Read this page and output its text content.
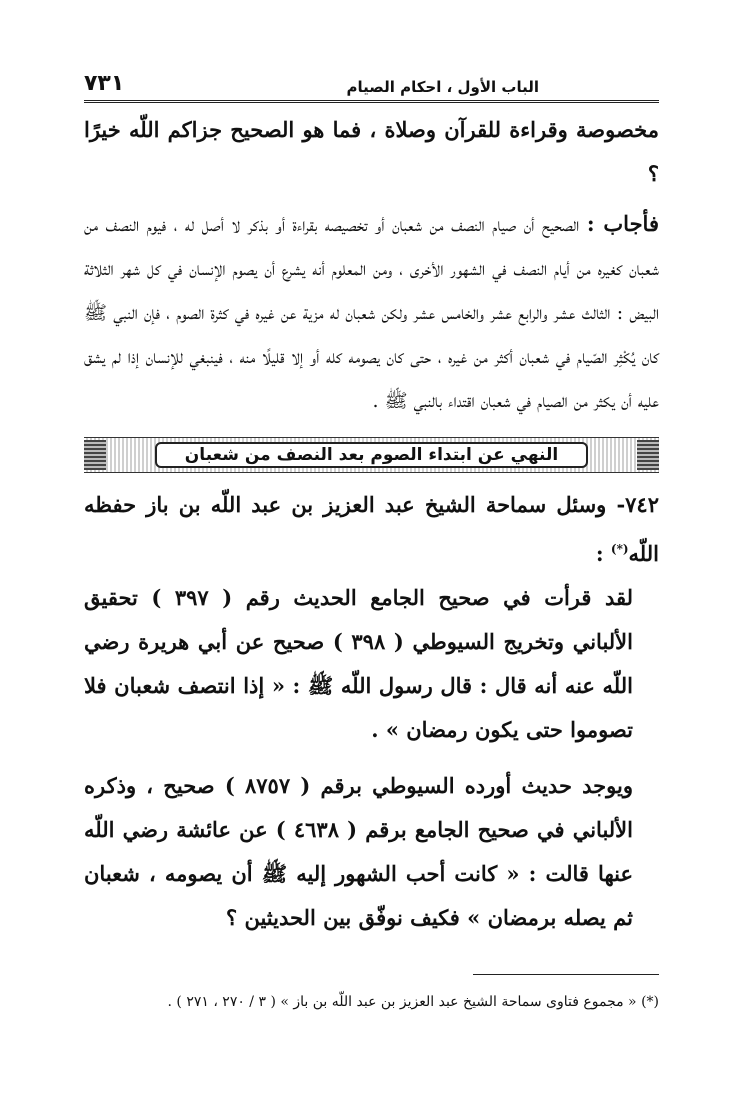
٧٣١	الباب الأول ، احكام الصيام

مخصوصة وقراءة للقرآن وصلاة ، فما هو الصحيح جزاكم اللّه خيرًا ؟

فأجاب : الصحيح أن صيام النصف من شعبان أو تخصيصه بقراءة أو بذكر لا أصل له ، فيوم النصف من شعبان كغيره من أيام النصف في الشهور الأخرى ، ومن المعلوم أنه يشرع أن يصوم الإنسان في كل شهر الثلاثة البيض : الثالث عشر والرابع عشر والخامس عشر ولكن شعبان له مزية عن غيره في كثرة الصوم ، فإن النبي ﷺ كان يُكْثِر الصّيام في شعبان أكثر من غيره ، حتى كان يصومه كله أو إلا قليلًا منه ، فينبغي للإنسان إذا لم يشق عليه أن يكثر من الصيام في شعبان اقتداء بالنبي ﷺ .

النهي عن ابتداء الصوم بعد النصف من شعبان

٧٤٢- وسئل سماحة الشيخ عبد العزيز بن عبد اللّه بن باز حفظه اللّه(*) :

لقد قرأت في صحيح الجامع الحديث رقم ( ٣٩٧ ) تحقيق الألباني وتخريج السيوطي ( ٣٩٨ ) صحيح عن أبي هريرة رضي اللّه عنه أنه قال : قال رسول اللّه ﷺ : « إذا انتصف شعبان فلا تصوموا حتى يكون رمضان » .

ويوجد حديث أورده السيوطي برقم ( ٨٧٥٧ ) صحيح ، وذكره الألباني في صحيح الجامع برقم ( ٤٦٣٨ ) عن عائشة رضي اللّه عنها قالت : « كانت أحب الشهور إليه ﷺ أن يصومه ، شعبان ثم يصله برمضان » فكيف نوفّق بين الحديثين ؟

(*) « مجموع فتاوى سماحة الشيخ عبد العزيز بن عبد اللّه بن باز » ( ٣ / ٢٧٠ ، ٢٧١ ) .
